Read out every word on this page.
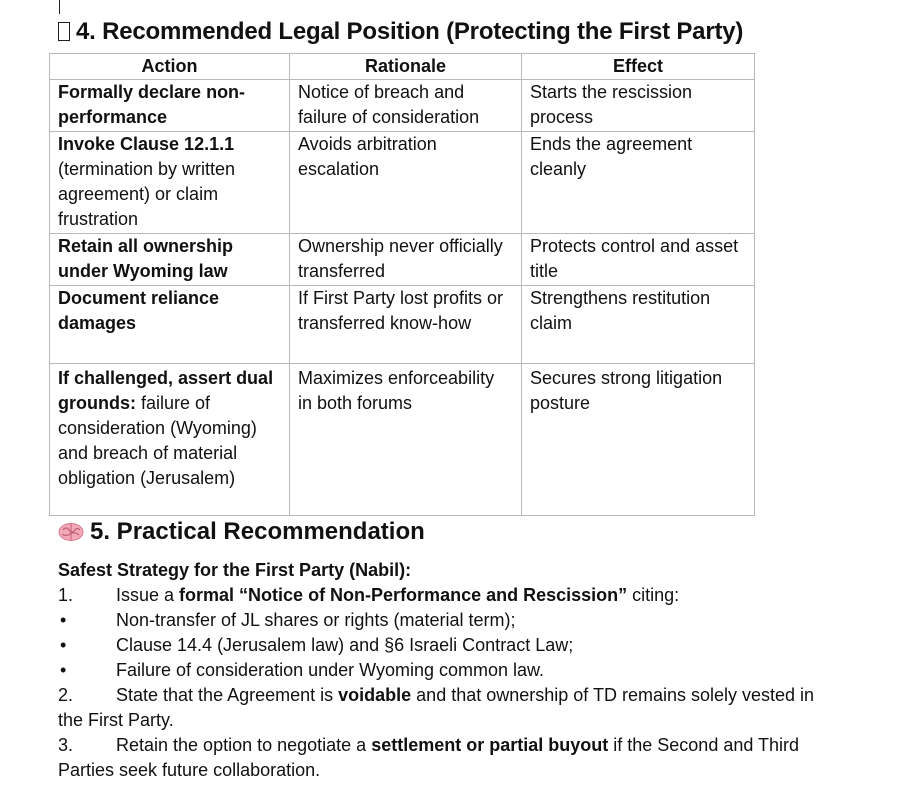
4. Recommended Legal Position (Protecting the First Party)
Action	Rationale	Effect
Formally declare non-performance	Notice of breach and failure of consideration	Starts the rescission process
Invoke Clause 12.1.1 (termination by written agreement) or claim frustration	Avoids arbitration escalation	Ends the agreement cleanly
Retain all ownership under Wyoming law	Ownership never officially transferred	Protects control and asset title
Document reliance damages	If First Party lost profits or transferred know-how	Strengthens restitution claim
If challenged, assert dual grounds: failure of consideration (Wyoming) and breach of material obligation (Jerusalem)	Maximizes enforceability in both forums	Secures strong litigation posture
5. Practical Recommendation

Safest Strategy for the First Party (Nabil):

1. Issue a formal “Notice of Non-Performance and Rescission” citing:

•	Non-transfer of JL shares or rights (material term);

•	Clause 14.4 (Jerusalem law) and §6 Israeli Contract Law;

•	Failure of consideration under Wyoming common law.

2. State that the Agreement is voidable and that ownership of TD remains solely vested in the First Party.

3. Retain the option to negotiate a settlement or partial buyout if the Second and Third Parties seek future collaboration.
